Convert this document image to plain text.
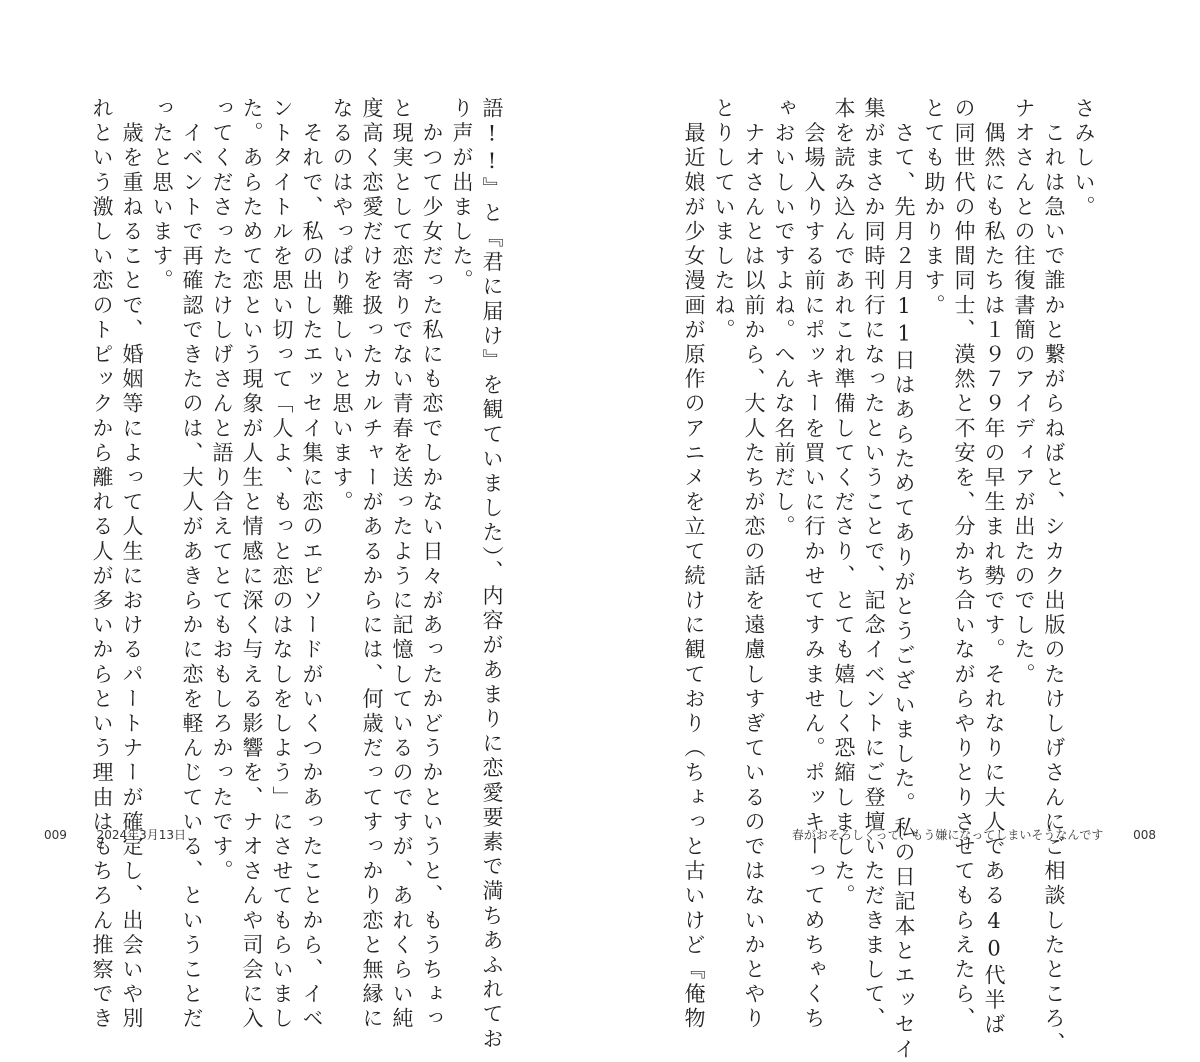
さみしい。
　これは急いで誰かと繋がらねばと、シカク出版のたけしげさんにご相談したところ、
ナオさんとの往復書簡のアイディアが出たのでした。
　偶然にも私たちは１９７９年の早生まれ勢です。それなりに大人である40代半ば
の同世代の仲間同士、漠然と不安を、分かち合いながらやりとりさせてもらえたら、
とても助かります。
　さて、先月２月11日はあらためてありがとうございました。私の日記本とエッセイ
集がまさか同時刊行になったということで、記念イベントにご登壇いただきまして、
本を読み込んであれこれ準備してくださり、とても嬉しく恐縮しました。
　会場入りする前にポッキーを買いに行かせてすみません。ポッキーってめちゃくち
ゃおいしいですよね。へんな名前だし。
　ナオさんとは以前から、大人たちが恋の話を遠慮しすぎているのではないかとやり
とりしていましたね。
　最近娘が少女漫画が原作のアニメを立て続けに観ており（ちょっと古いけど『俺物
語!!』と『君に届け』を観ていました）、内容があまりに恋愛要素で満ちあふれてお
り声が出ました。
　かつて少女だった私にも恋でしかない日々があったかどうかというと、もうちょっ
と現実として恋寄りでない青春を送ったように記憶しているのですが、あれくらい純
度高く恋愛だけを扱ったカルチャーがあるからには、何歳だってすっかり恋と無縁に
なるのはやっぱり難しいと思います。
　それで、私の出したエッセイ集に恋のエピソードがいくつかあったことから、イベ
ントタイトルを思い切って「人よ、もっと恋のはなしをしよう」にさせてもらいまし
た。あらためて恋という現象が人生と情感に深く与える影響を、ナオさんや司会に入
ってくださったたけしげさんと語り合えてとてもおもしろかったです。
　イベントで再確認できたのは、大人があきらかに恋を軽んじている、ということだ
ったと思います。
　歳を重ねることで、婚姻等によって人生におけるパートナーが確定し、出会いや別
れという激しい恋のトピックから離れる人が多いからという理由はもちろん推察でき
009 2024年3月13日	春がおそろしくって、もう嫌になってしまいそうなんです 008
